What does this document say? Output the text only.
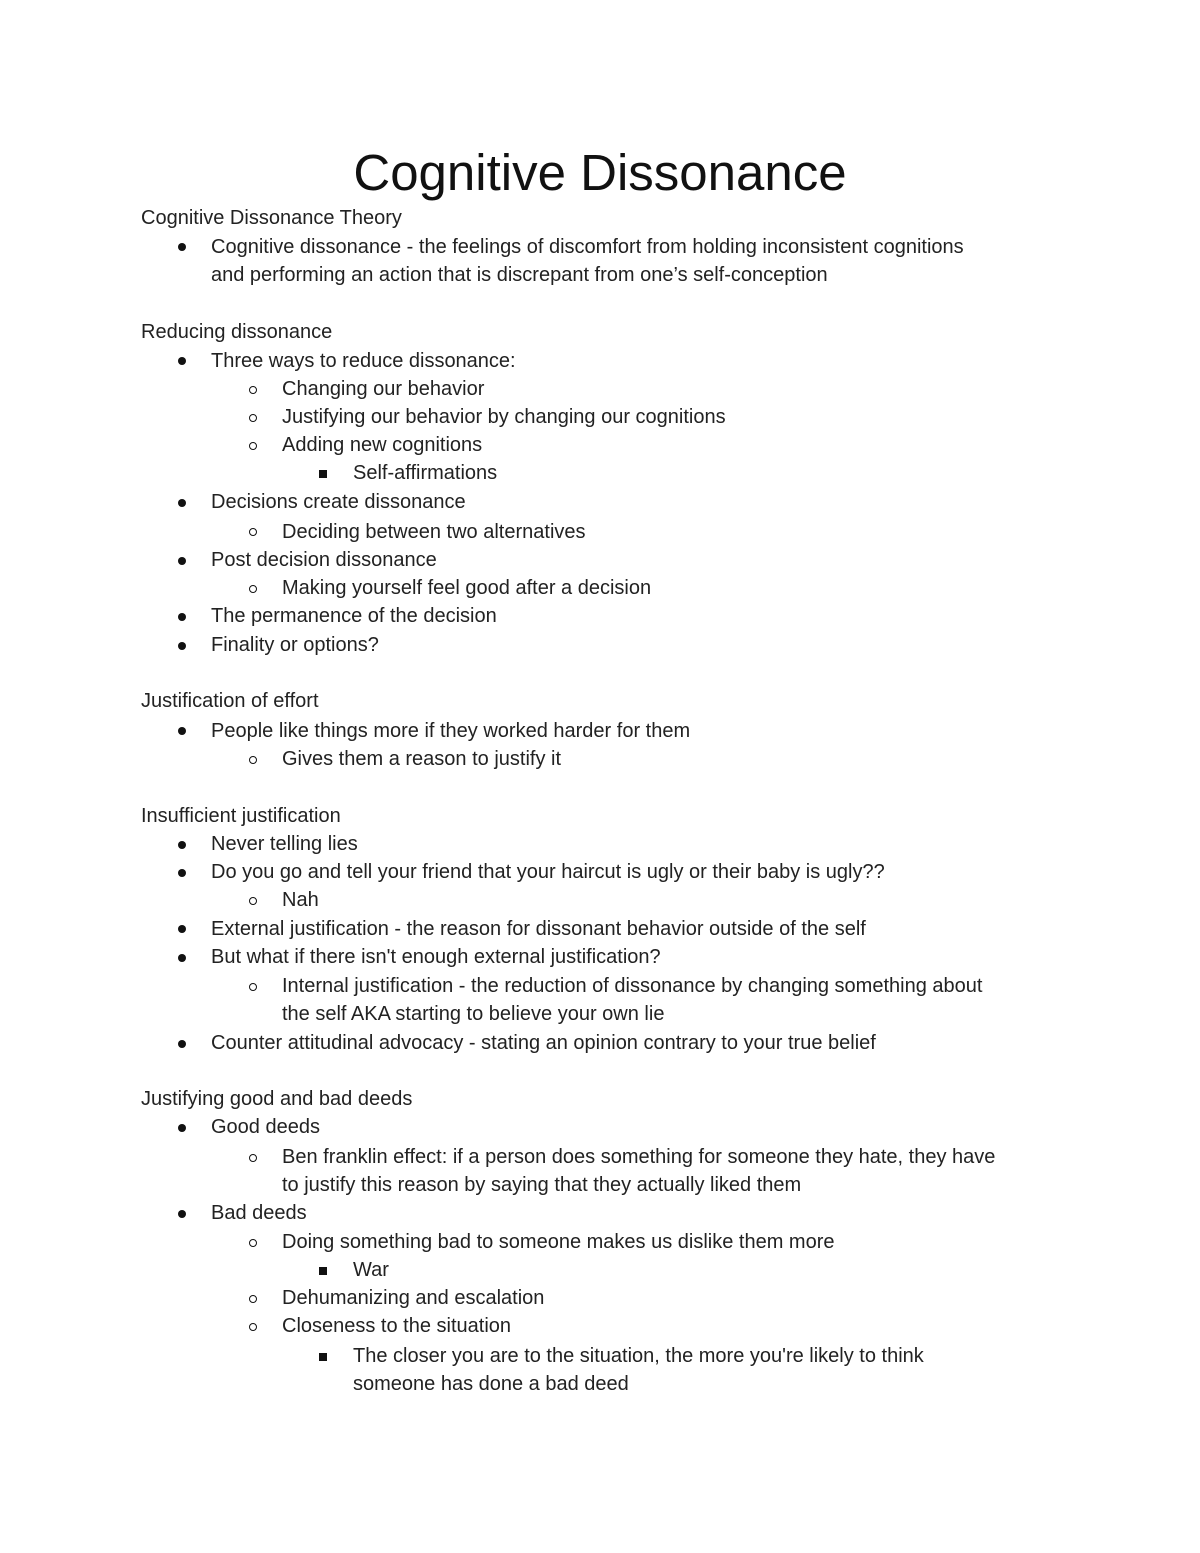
Cognitive Dissonance
Cognitive Dissonance Theory
Cognitive dissonance - the feelings of discomfort from holding inconsistent cognitions
and performing an action that is discrepant from one’s self-conception
Reducing dissonance
Three ways to reduce dissonance:
Changing our behavior
Justifying our behavior by changing our cognitions
Adding new cognitions
Self-affirmations
Decisions create dissonance
Deciding between two alternatives
Post decision dissonance
Making yourself feel good after a decision
The permanence of the decision
Finality or options?
Justification of effort
People like things more if they worked harder for them
Gives them a reason to justify it
Insufficient justification
Never telling lies
Do you go and tell your friend that your haircut is ugly or their baby is ugly??
Nah
External justification - the reason for dissonant behavior outside of the self
But what if there isn't enough external justification?
Internal justification - the reduction of dissonance by changing something about
the self AKA starting to believe your own lie
Counter attitudinal advocacy - stating an opinion contrary to your true belief
Justifying good and bad deeds
Good deeds
Ben franklin effect: if a person does something for someone they hate, they have
to justify this reason by saying that they actually liked them
Bad deeds
Doing something bad to someone makes us dislike them more
War
Dehumanizing and escalation
Closeness to the situation
The closer you are to the situation, the more you're likely to think
someone has done a bad deed
